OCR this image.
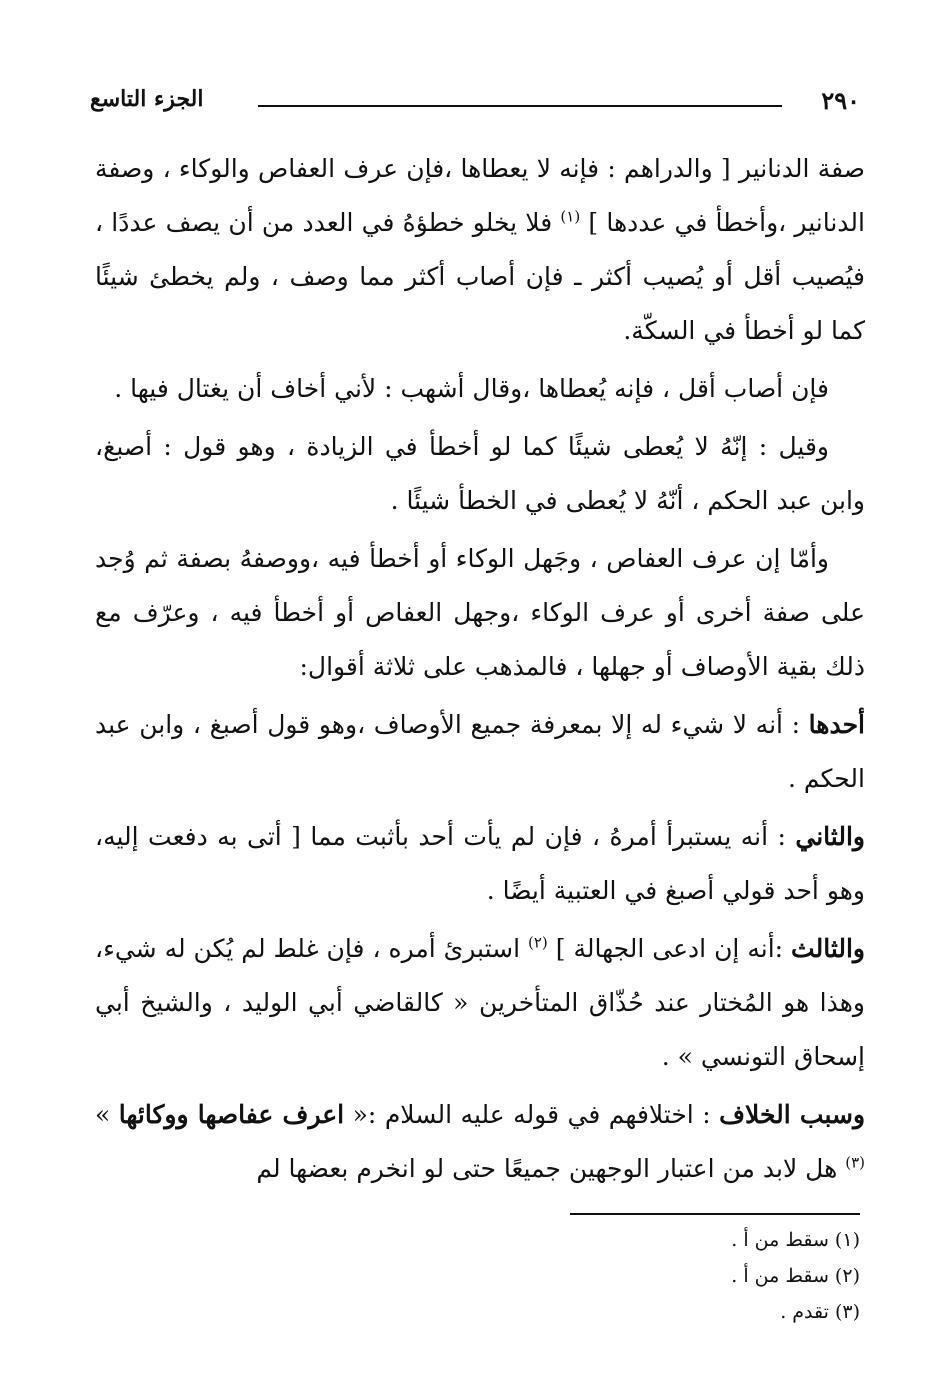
٢٩٠
الجزء التاسع

صفة الدنانير [ والدراهم : فإنه لا يعطاها ،فإن عرف العفاص والوكاء ، وصفة الدنانير ،وأخطأ في عددها ] $^{(١)}$ فلا يخلو خطؤهُ في العدد من أن يصف عددًا ، فيُصيب أقل أو يُصيب أكثر ـ فإن أصاب أكثر مما وصف ، ولم يخطئ شيئًا كما لو أخطأ في السكّة.

فإن أصاب أقل ، فإنه يُعطاها ،وقال أشهب : لأني أخاف أن يغتال فيها .

وقيل : إنّهُ لا يُعطى شيئًا كما لو أخطأ في الزيادة ، وهو قول : أصبغ، وابن عبد الحكم ، أنّهُ لا يُعطى في الخطأ شيئًا .

وأمّا إن عرف العفاص ، وجَهل الوكاء أو أخطأ فيه ،ووصفهُ بصفة ثم وُجد على صفة أخرى أو عرف الوكاء ،وجهل العفاص أو أخطأ فيه ، وعرّف مع ذلك بقية الأوصاف أو جهلها ، فالمذهب على ثلاثة أقوال:

أحدها : أنه لا شيء له إلا بمعرفة جميع الأوصاف ،وهو قول أصبغ ، وابن عبد الحكم .

والثاني : أنه يستبرأ أمرهُ ، فإن لم يأت أحد بأثبت مما [ أتى به دفعت إليه، وهو أحد قولي أصبغ في العتبية أيضًا .

والثالث :أنه إن ادعى الجهالة ] $^{(٢)}$ استبرئ أمره ، فإن غلط لم يُكن له شيء، وهذا هو المُختار عند حُذّاق المتأخرين « كالقاضي أبي الوليد ، والشيخ أبي إسحاق التونسي » .

وسبب الخلاف : اختلافهم في قوله عليه السلام :« اعرف عفاصها ووكائها » $^{(٣)}$ هل لابد من اعتبار الوجهين جميعًا حتى لو انخرم بعضها لم

(١) سقط من أ .
(٢) سقط من أ .
(٣) تقدم .
